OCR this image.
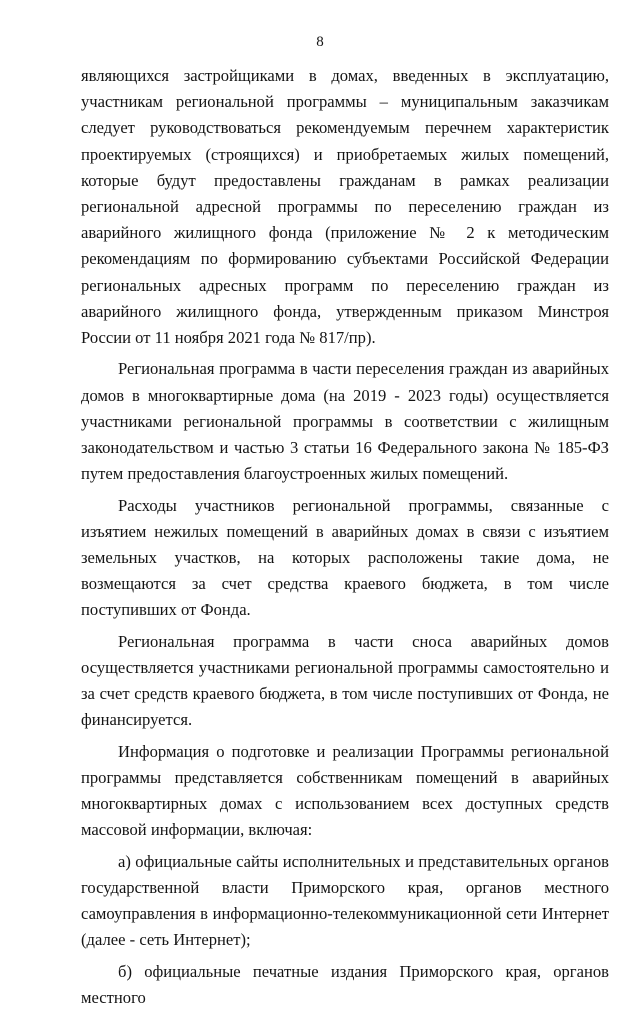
8

являющихся застройщиками в домах, введенных в эксплуатацию, участникам региональной программы – муниципальным заказчикам следует руководствоваться рекомендуемым перечнем характеристик проектируемых (строящихся) и приобретаемых жилых помещений, которые будут предоставлены гражданам в рамках реализации региональной адресной программы по переселению граждан из аварийного жилищного фонда (приложение № 2 к методическим рекомендациям по формированию субъектами Российской Федерации региональных адресных программ по переселению граждан из аварийного жилищного фонда, утвержденным приказом Минстроя России от 11 ноября 2021 года № 817/пр).

Региональная программа в части переселения граждан из аварийных домов в многоквартирные дома (на 2019 - 2023 годы) осуществляется участниками региональной программы в соответствии с жилищным законодательством и частью 3 статьи 16 Федерального закона № 185-ФЗ путем предоставления благоустроенных жилых помещений.

Расходы участников региональной программы, связанные с изъятием нежилых помещений в аварийных домах в связи с изъятием земельных участков, на которых расположены такие дома, не возмещаются за счет средства краевого бюджета, в том числе поступивших от Фонда.

Региональная программа в части сноса аварийных домов осуществляется участниками региональной программы самостоятельно и за счет средств краевого бюджета, в том числе поступивших от Фонда, не финансируется.

Информация о подготовке и реализации Программы региональной программы представляется собственникам помещений в аварийных многоквартирных домах с использованием всех доступных средств массовой информации, включая:

а) официальные сайты исполнительных и представительных органов государственной власти Приморского края, органов местного самоуправления в информационно-телекоммуникационной сети Интернет (далее - сеть Интернет);

б) официальные печатные издания Приморского края, органов местного
